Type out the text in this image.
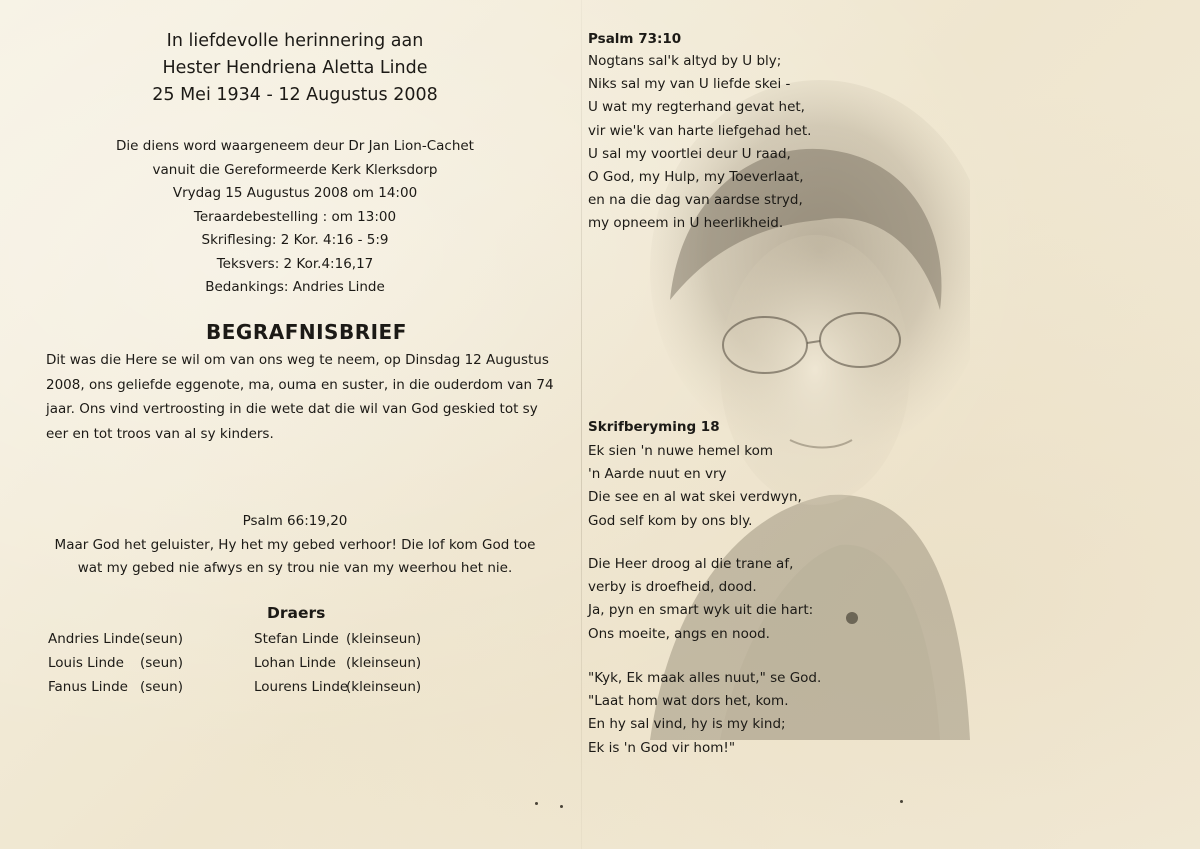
In liefdevolle herinnering aan
Hester Hendriena Aletta Linde
25 Mei 1934 - 12 Augustus 2008
Die diens word waargeneem deur Dr Jan Lion-Cachet
vanuit die Gereformeerde Kerk Klerksdorp
Vrydag 15 Augustus 2008 om 14:00
Teraardebestelling : om 13:00
Skriflesing: 2 Kor. 4:16 - 5:9
Teksvers: 2 Kor.4:16,17
Bedankings: Andries Linde
BEGRAFNISBRIEF
Dit was die Here se wil om van ons weg te neem, op Dinsdag 12 Augustus
2008, ons geliefde eggenote, ma, ouma en suster, in die ouderdom van 74
jaar. Ons vind vertroosting in die wete dat die wil van God geskied tot sy
eer en tot troos van al sy kinders.
Psalm 66:19,20
Maar God het geluister, Hy het my gebed verhoor! Die lof kom God toe
wat my gebed nie afwys en sy trou nie van my weerhou het nie.
Draers
Andries Linde(seun)
Louis Linde (seun)
Fanus Linde (seun)
Stefan Linde (kleinseun)
Lohan Linde (kleinseun)
Lourens Linde(kleinseun)
Psalm 73:10
Nogtans sal'k altyd by U bly;
Niks sal my van U liefde skei -
U wat my regterhand gevat het,
vir wie'k van harte liefgehad het.
U sal my voortlei deur U raad,
O God, my Hulp, my Toeverlaat,
en na die dag van aardse stryd,
my opneem in U heerlikheid.
Skrifberyming 18
Ek sien 'n nuwe hemel kom
'n Aarde nuut en vry
Die see en al wat skei verdwyn,
God self kom by ons bly.
Die Heer droog al die trane af,
verby is droefheid, dood.
Ja, pyn en smart wyk uit die hart:
Ons moeite, angs en nood.
"Kyk, Ek maak alles nuut," se God.
"Laat hom wat dors het, kom.
En hy sal vind, hy is my kind;
Ek is 'n God vir hom!"
